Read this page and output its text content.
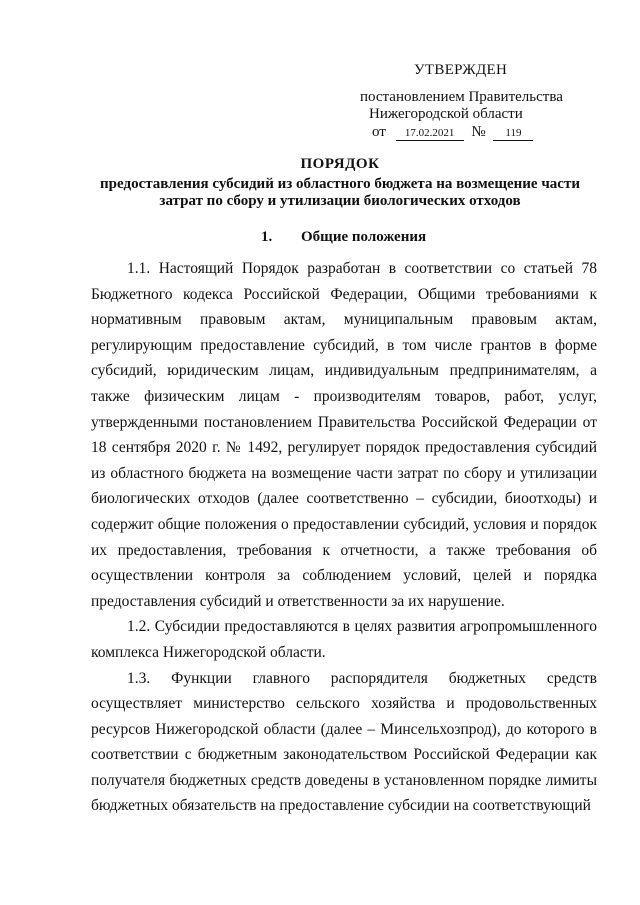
УТВЕРЖДЕН
постановлением Правительства
Нижегородской области
от 17.02.2021 № 119
ПОРЯДОК
предоставления субсидий из областного бюджета на возмещение части
затрат по сбору и утилизации биологических отходов
1. Общие положения

1.1. Настоящий Порядок разработан в соответствии со статьей 78 Бюджетного кодекса Российской Федерации, Общими требованиями к нормативным правовым актам, муниципальным правовым актам, регулирующим предоставление субсидий, в том числе грантов в форме субсидий, юридическим лицам, индивидуальным предпринимателям, а также физическим лицам - производителям товаров, работ, услуг, утвержденными постановлением Правительства Российской Федерации от 18 сентября 2020 г. № 1492, регулирует порядок предоставления субсидий из областного бюджета на возмещение части затрат по сбору и утилизации биологических отходов (далее соответственно – субсидии, биоотходы) и содержит общие положения о предоставлении субсидий, условия и порядок их предоставления, требования к отчетности, а также требования об осуществлении контроля за соблюдением условий, целей и порядка предоставления субсидий и ответственности за их нарушение.

1.2. Субсидии предоставляются в целях развития агропромышленного комплекса Нижегородской области.

1.3. Функции главного распорядителя бюджетных средств осуществляет министерство сельского хозяйства и продовольственных ресурсов Нижегородской области (далее – Минсельхозпрод), до которого в соответствии с бюджетным законодательством Российской Федерации как получателя бюджетных средств доведены в установленном порядке лимиты бюджетных обязательств на предоставление субсидии на соответствующий
